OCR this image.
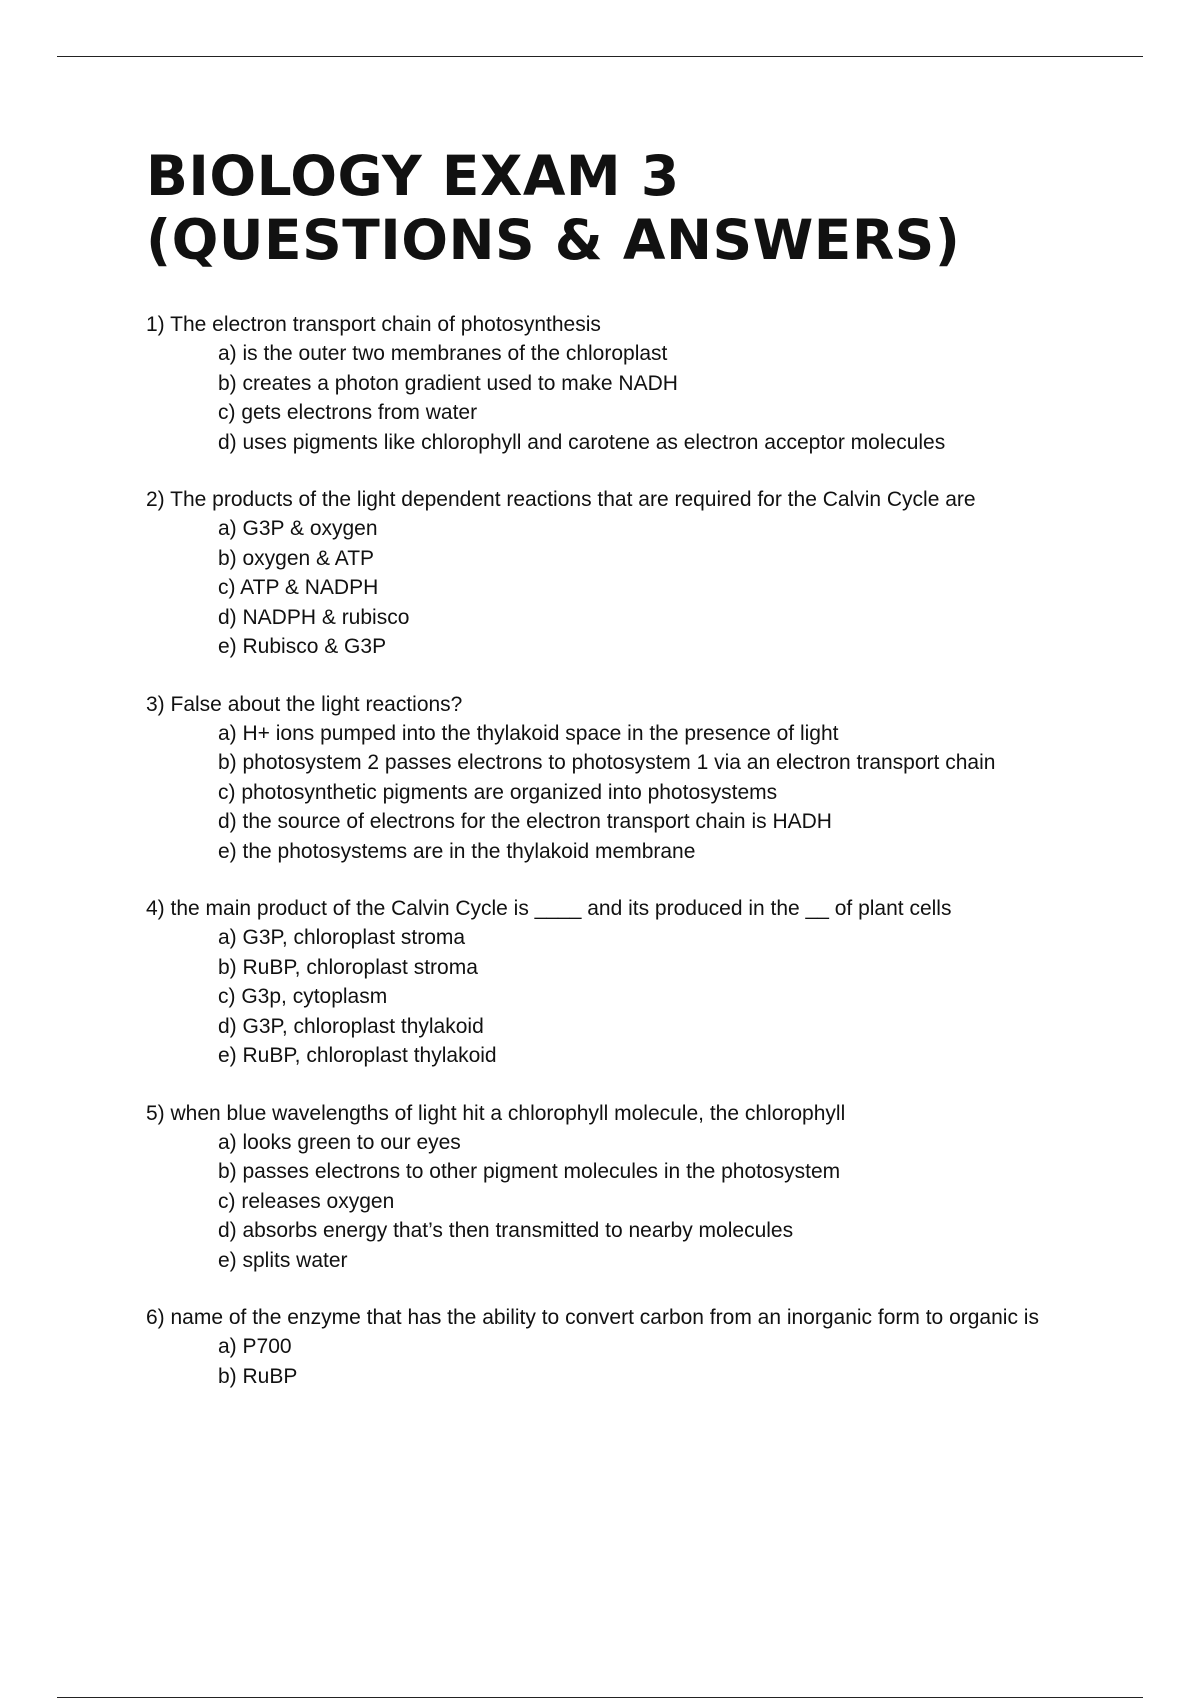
BIOLOGY EXAM 3
(QUESTIONS & ANSWERS)

1) The electron transport chain of photosynthesis

a) is the outer two membranes of the chloroplast
b) creates a photon gradient used to make NADH
c) gets electrons from water
d) uses pigments like chlorophyll and carotene as electron acceptor molecules

2) The products of the light dependent reactions that are required for the Calvin Cycle are

a) G3P & oxygen
b) oxygen & ATP
c) ATP & NADPH
d) NADPH & rubisco
e) Rubisco & G3P

3) False about the light reactions?

a) H+ ions pumped into the thylakoid space in the presence of light
b) photosystem 2 passes electrons to photosystem 1 via an electron transport chain
c) photosynthetic pigments are organized into photosystems
d) the source of electrons for the electron transport chain is HADH
e) the photosystems are in the thylakoid membrane

4) the main product of the Calvin Cycle is ____ and its produced in the __ of plant cells

a) G3P, chloroplast stroma
b) RuBP, chloroplast stroma
c) G3p, cytoplasm
d) G3P, chloroplast thylakoid
e) RuBP, chloroplast thylakoid

5) when blue wavelengths of light hit a chlorophyll molecule, the chlorophyll

a) looks green to our eyes
b) passes electrons to other pigment molecules in the photosystem
c) releases oxygen
d) absorbs energy that’s then transmitted to nearby molecules
e) splits water

6) name of the enzyme that has the ability to convert carbon from an inorganic form to organic is

a) P700
b) RuBP
